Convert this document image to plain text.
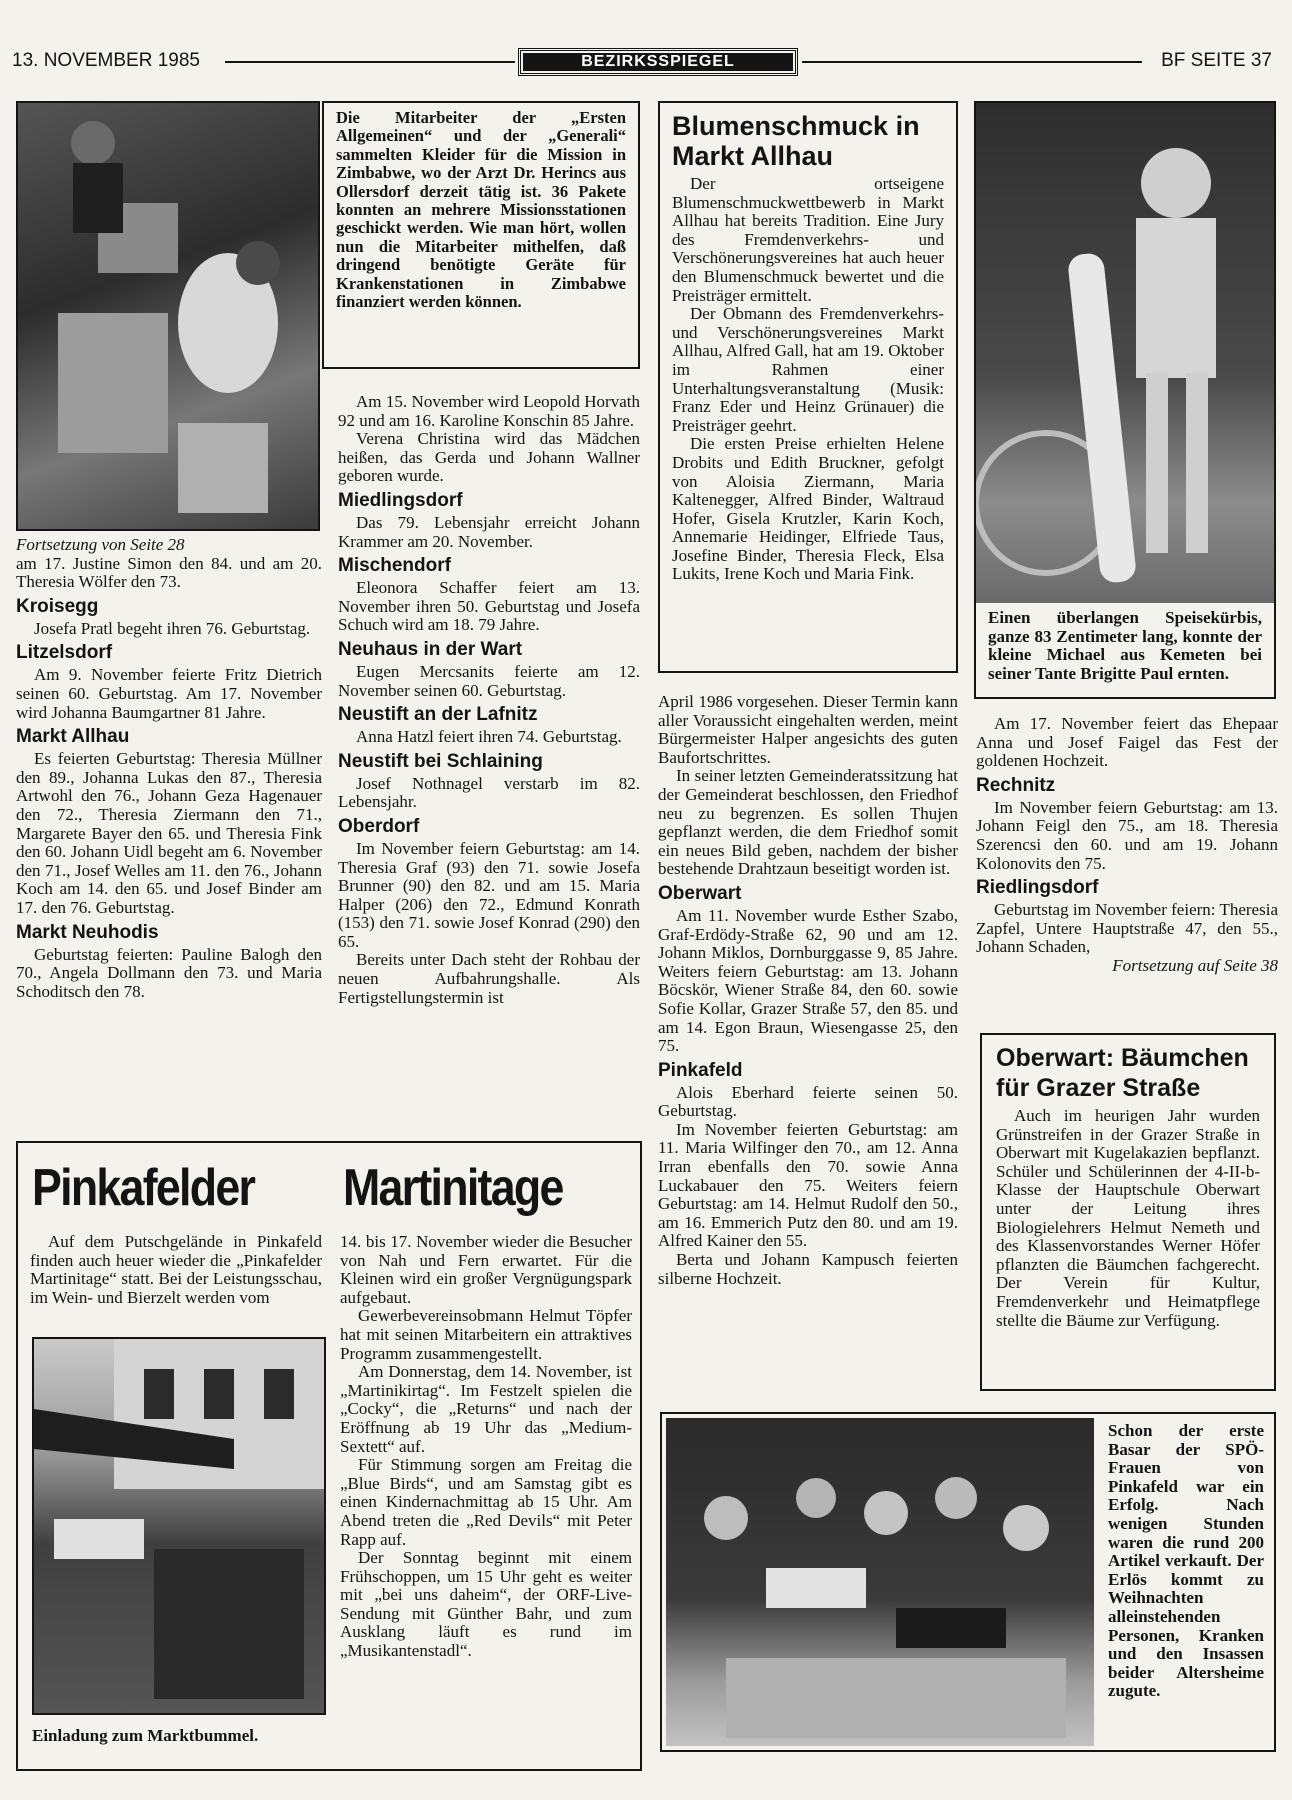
13. NOVEMBER 1985	BEZIRKSSPIEGEL	BF SEITE 37

Die Mitarbeiter der „Ersten Allgemeinen“ und der „Generali“ sammelten Kleider für die Mission in Zimbabwe, wo der Arzt Dr. Herincs aus Ollersdorf derzeit tätig ist. 36 Pakete konnten an mehrere Missionsstationen geschickt werden. Wie man hört, wollen nun die Mitarbeiter mithelfen, daß dringend benötigte Geräte für Krankenstationen in Zimbabwe finanziert werden können.

Fortsetzung von Seite 28

am 17. Justine Simon den 84. und am 20. Theresia Wölfer den 73.

Kroisegg

Josefa Pratl begeht ihren 76. Geburtstag.

Litzelsdorf

Am 9. November feierte Fritz Dietrich seinen 60. Geburtstag. Am 17. November wird Johanna Baumgartner 81 Jahre.

Markt Allhau

Es feierten Geburtstag: Theresia Müllner den 89., Johanna Lukas den 87., Theresia Artwohl den 76., Johann Geza Hagenauer den 72., Theresia Ziermann den 71., Margarete Bayer den 65. und Theresia Fink den 60. Johann Uidl begeht am 6. November den 71., Josef Welles am 11. den 76., Johann Koch am 14. den 65. und Josef Binder am 17. den 76. Geburtstag.

Markt Neuhodis

Geburtstag feierten: Pauline Balogh den 70., Angela Dollmann den 73. und Maria Schoditsch den 78.

Am 15. November wird Leopold Horvath 92 und am 16. Karoline Konschin 85 Jahre.

Verena Christina wird das Mädchen heißen, das Gerda und Johann Wallner geboren wurde.

Miedlingsdorf

Das 79. Lebensjahr erreicht Johann Krammer am 20. November.

Mischendorf

Eleonora Schaffer feiert am 13. November ihren 50. Geburtstag und Josefa Schuch wird am 18. 79 Jahre.

Neuhaus in der Wart

Eugen Mercsanits feierte am 12. November seinen 60. Geburtstag.

Neustift an der Lafnitz

Anna Hatzl feiert ihren 74. Geburtstag.

Neustift bei Schlaining

Josef Nothnagel verstarb im 82. Lebensjahr.

Oberdorf

Im November feiern Geburtstag: am 14. Theresia Graf (93) den 71. sowie Josefa Brunner (90) den 82. und am 15. Maria Halper (206) den 72., Edmund Konrath (153) den 71. sowie Josef Konrad (290) den 65.

Bereits unter Dach steht der Rohbau der neuen Aufbahrungshalle. Als Fertigstellungstermin ist

Blumenschmuck in Markt Allhau

Der ortseigene Blumenschmuckwettbewerb in Markt Allhau hat bereits Tradition. Eine Jury des Fremdenverkehrs- und Verschönerungsvereines hat auch heuer den Blumenschmuck bewertet und die Preisträger ermittelt.

Der Obmann des Fremdenverkehrs- und Verschönerungsvereines Markt Allhau, Alfred Gall, hat am 19. Oktober im Rahmen einer Unterhaltungsveranstaltung (Musik: Franz Eder und Heinz Grünauer) die Preisträger geehrt.

Die ersten Preise erhielten Helene Drobits und Edith Bruckner, gefolgt von Aloisia Ziermann, Maria Kaltenegger, Alfred Binder, Waltraud Hofer, Gisela Krutzler, Karin Koch, Annemarie Heidinger, Elfriede Taus, Josefine Binder, Theresia Fleck, Elsa Lukits, Irene Koch und Maria Fink.

April 1986 vorgesehen. Dieser Termin kann aller Voraussicht eingehalten werden, meint Bürgermeister Halper angesichts des guten Baufortschrittes.

In seiner letzten Gemeinderatssitzung hat der Gemeinderat beschlossen, den Friedhof neu zu begrenzen. Es sollen Thujen gepflanzt werden, die dem Friedhof somit ein neues Bild geben, nachdem der bisher bestehende Drahtzaun beseitigt worden ist.

Oberwart

Am 11. November wurde Esther Szabo, Graf-Erdödy-Straße 62, 90 und am 12. Johann Miklos, Dornburggasse 9, 85 Jahre. Weiters feiern Geburtstag: am 13. Johann Böcskör, Wiener Straße 84, den 60. sowie Sofie Kollar, Grazer Straße 57, den 85. und am 14. Egon Braun, Wiesengasse 25, den 75.

Pinkafeld

Alois Eberhard feierte seinen 50. Geburtstag.

Im November feierten Geburtstag: am 11. Maria Wilfinger den 70., am 12. Anna Irran ebenfalls den 70. sowie Anna Luckabauer den 75. Weiters feiern Geburtstag: am 14. Helmut Rudolf den 50., am 16. Emmerich Putz den 80. und am 19. Alfred Kainer den 55.

Berta und Johann Kampusch feierten silberne Hochzeit.

Einen überlangen Speisekürbis, ganze 83 Zentimeter lang, konnte der kleine Michael aus Kemeten bei seiner Tante Brigitte Paul ernten.

Am 17. November feiert das Ehepaar Anna und Josef Faigel das Fest der goldenen Hochzeit.

Rechnitz

Im November feiern Geburtstag: am 13. Johann Feigl den 75., am 18. Theresia Szerencsi den 60. und am 19. Johann Kolonovits den 75.

Riedlingsdorf

Geburtstag im November feiern: Theresia Zapfel, Untere Hauptstraße 47, den 55., Johann Schaden,

Fortsetzung auf Seite 38

Oberwart: Bäumchen für Grazer Straße

Auch im heurigen Jahr wurden Grünstreifen in der Grazer Straße in Oberwart mit Kugelakazien bepflanzt. Schüler und Schülerinnen der 4-II-b-Klasse der Hauptschule Oberwart unter der Leitung ihres Biologielehrers Helmut Nemeth und des Klassenvorstandes Werner Höfer pflanzten die Bäumchen fachgerecht. Der Verein für Kultur, Fremdenverkehr und Heimatpflege stellte die Bäume zur Verfügung.

Pinkafelder Martinitage

Auf dem Putschgelände in Pinkafeld finden auch heuer wieder die „Pinkafelder Martinitage“ statt. Bei der Leistungsschau, im Wein- und Bierzelt werden vom

Einladung zum Marktbummel.

14. bis 17. November wieder die Besucher von Nah und Fern erwartet. Für die Kleinen wird ein großer Vergnügungspark aufgebaut.

Gewerbevereinsobmann Helmut Töpfer hat mit seinen Mitarbeitern ein attraktives Programm zusammengestellt.

Am Donnerstag, dem 14. November, ist „Martinikirtag“. Im Festzelt spielen die „Cocky“, die „Returns“ und nach der Eröffnung ab 19 Uhr das „Medium-Sextett“ auf.

Für Stimmung sorgen am Freitag die „Blue Birds“, und am Samstag gibt es einen Kindernachmittag ab 15 Uhr. Am Abend treten die „Red Devils“ mit Peter Rapp auf.

Der Sonntag beginnt mit einem Frühschoppen, um 15 Uhr geht es weiter mit „bei uns daheim“, der ORF-Live-Sendung mit Günther Bahr, und zum Ausklang läuft es rund im „Musikantenstadl“.

Schon der erste Basar der SPÖ-Frauen von Pinkafeld war ein Erfolg. Nach wenigen Stunden waren die rund 200 Artikel verkauft. Der Erlös kommt zu Weihnachten alleinstehenden Personen, Kranken und den Insassen beider Altersheime zugute.
